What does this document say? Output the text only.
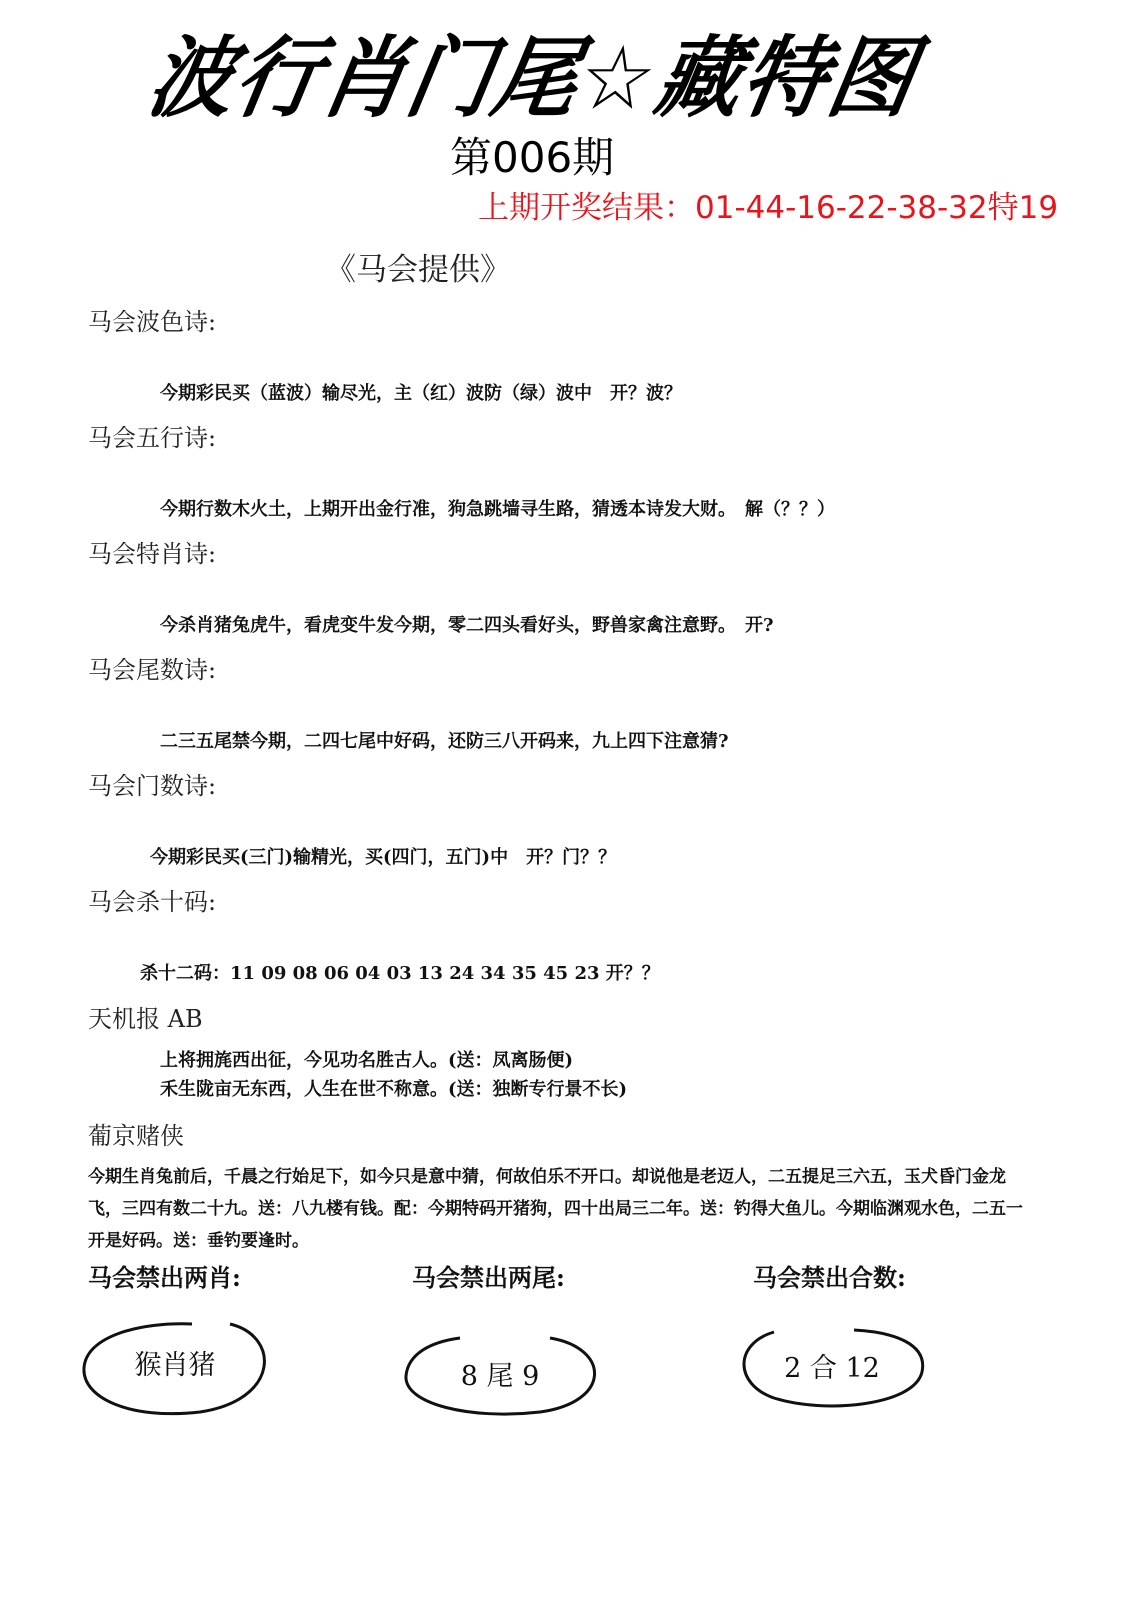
波行肖门尾☆藏特图
第006期
上期开奖结果：01-44-16-22-38-32特19
《马会提供》
马会波色诗:
今期彩民买（蓝波）输尽光，主（红）波防（绿）波中　开？波？
马会五行诗:
今期行数木火土，上期开出金行准，狗急跳墙寻生路，猜透本诗发大财。　解（？？）
马会特肖诗:
今杀肖猪兔虎牛，看虎变牛发今期，零二四头看好头，野兽家禽注意野。　开?
马会尾数诗:
二三五尾禁今期，二四七尾中好码，还防三八开码来，九上四下注意猜?
马会门数诗:
今期彩民买(三门)输精光，买(四门，五门)中　开？门？？
马会杀十码:
杀十二码：11 09 08 06 04 03 13 24 34 35 45 23 开？？
天机报 AB
上将拥旄西出征，今见功名胜古人。(送：凤离肠便)
禾生陇亩无东西，人生在世不称意。(送：独断专行景不长)
葡京赌侠
今期生肖兔前后，千晨之行始足下，如今只是意中猜，何故伯乐不开口。却说他是老迈人，二五提足三六五，玉犬昏门金龙飞，三四有数二十九。送：八九楼有钱。配：今期特码开猪狗，四十出局三二年。送：钓得大鱼儿。今期临渊观水色，二五一开是好码。送：垂钓要逢时。
马会禁出两肖:	马会禁出两尾:	马会禁出合数:
猴肖猪	8 尾 9	2 合 12
